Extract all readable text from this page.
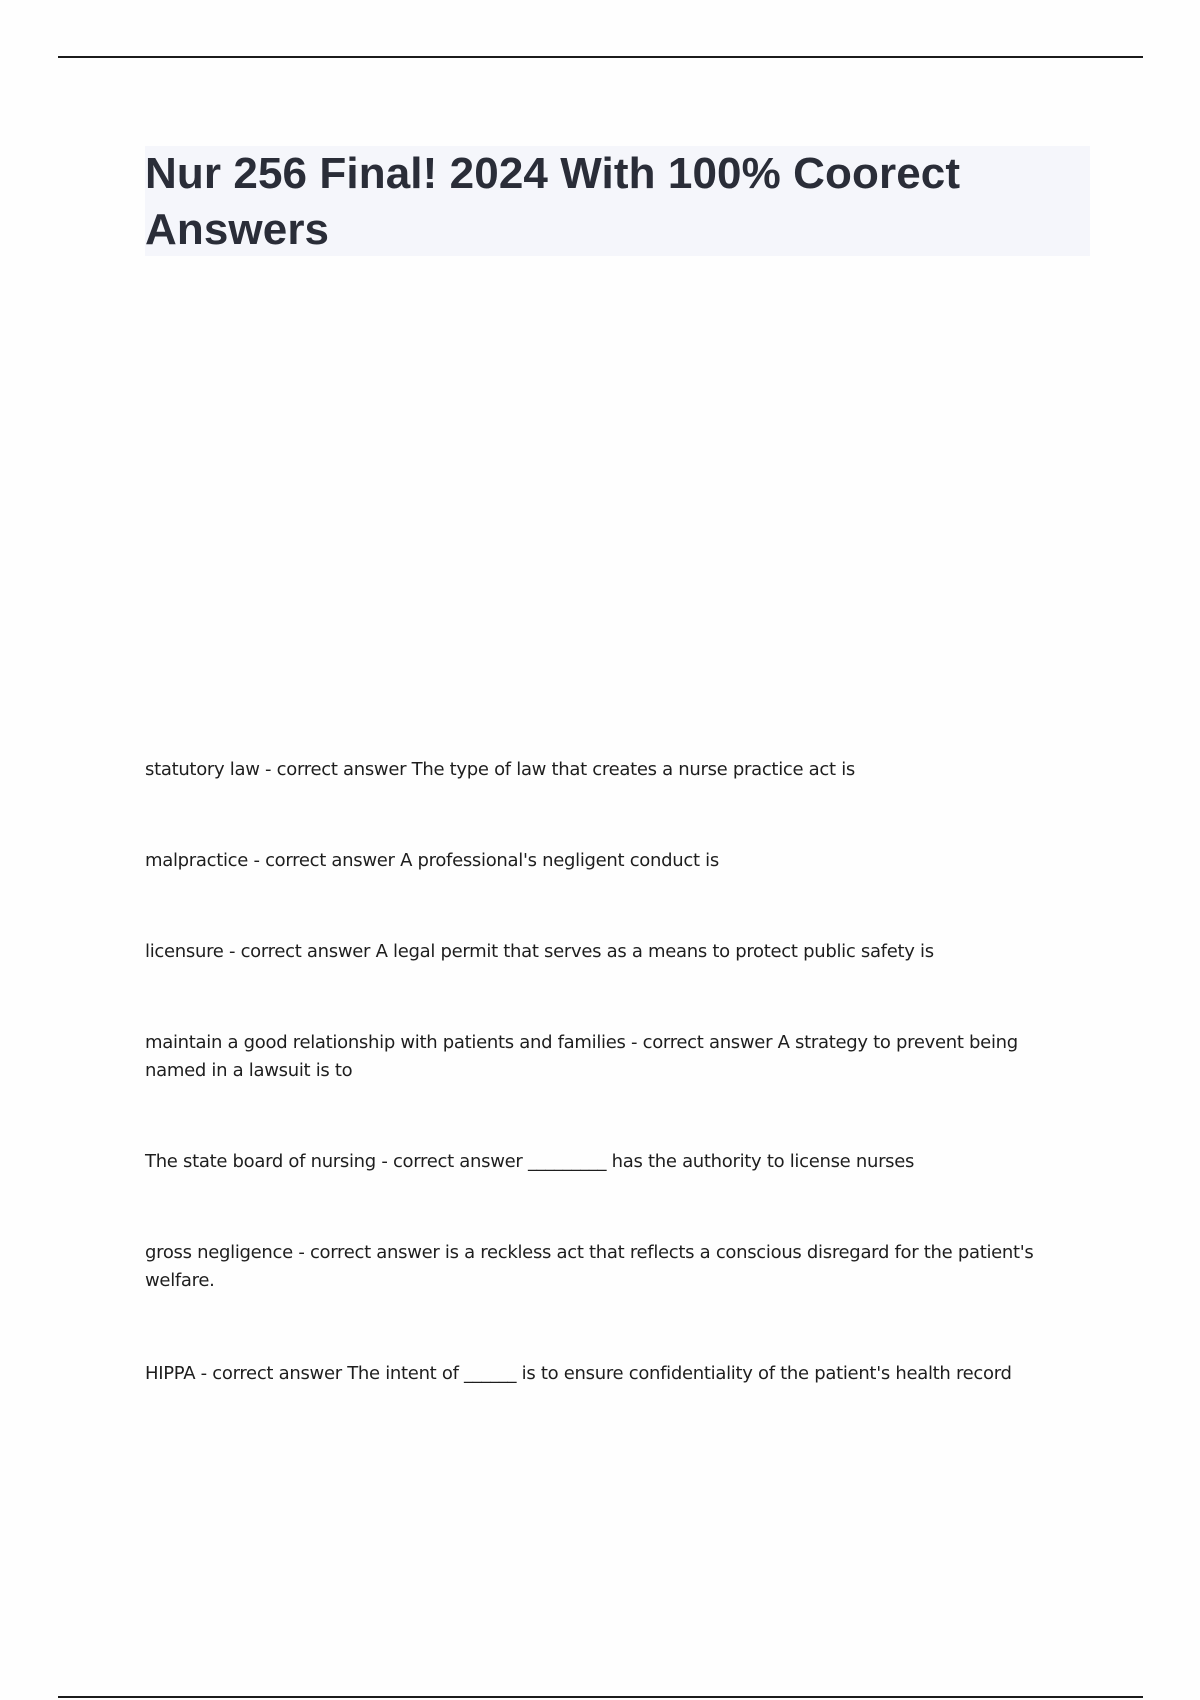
Nur 256 Final! 2024 With 100% Coorect Answers

statutory law - correct answer The type of law that creates a nurse practice act is

malpractice - correct answer A professional's negligent conduct is

licensure - correct answer A legal permit that serves as a means to protect public safety is

maintain a good relationship with patients and families - correct answer A strategy to prevent being named in a lawsuit is to

The state board of nursing - correct answer _________ has the authority to license nurses

gross negligence - correct answer is a reckless act that reflects a conscious disregard for the patient's welfare.

HIPPA - correct answer The intent of ______ is to ensure confidentiality of the patient's health record
